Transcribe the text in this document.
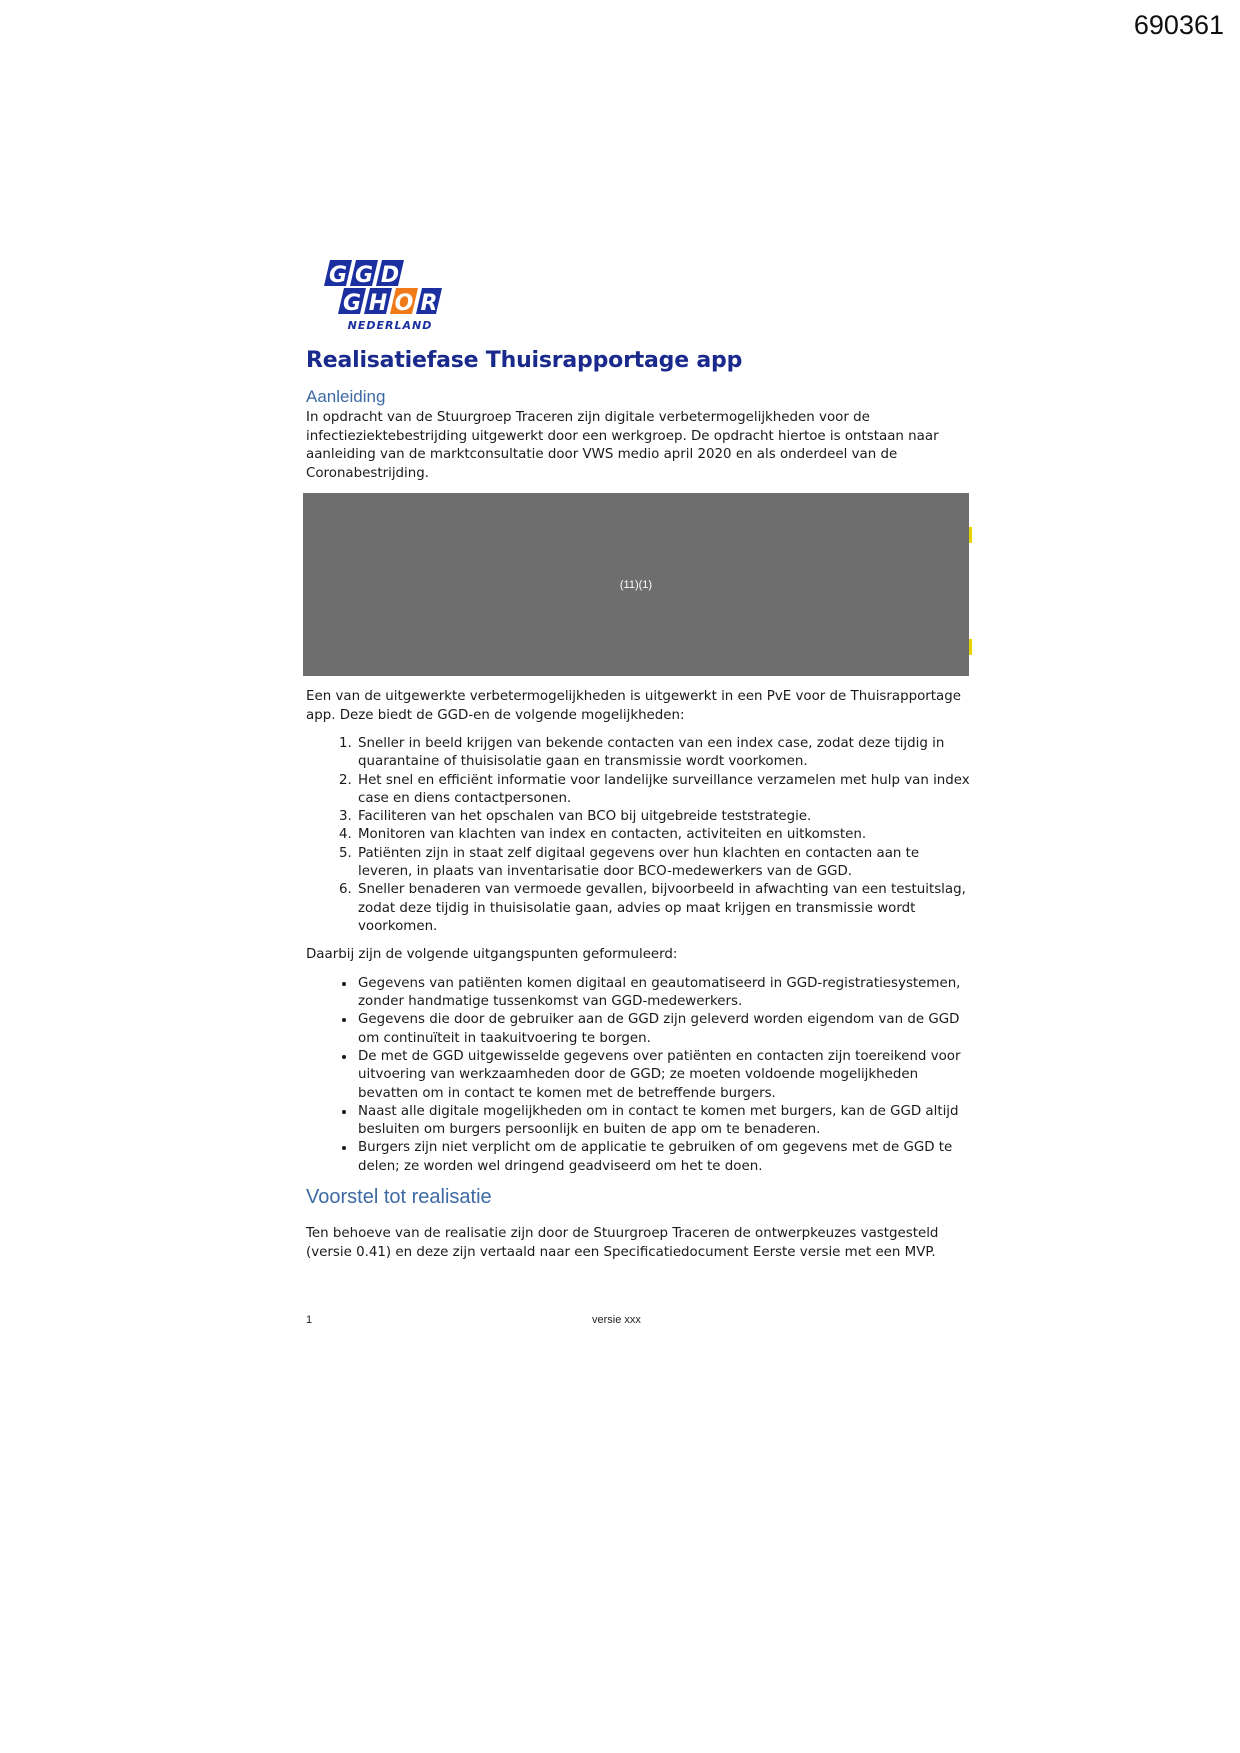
690361
G G D
G H O R
NEDERLAND
Realisatiefase Thuisrapportage app
Aanleiding

In opdracht van de Stuurgroep Traceren zijn digitale verbetermogelijkheden voor de infectieziektebestrijding uitgewerkt door een werkgroep. De opdracht hiertoe is ontstaan naar aanleiding van de marktconsultatie door VWS medio april 2020 en als onderdeel van de Coronabestrijding.

(11)(1)

Een van de uitgewerkte verbetermogelijkheden is uitgewerkt in een PvE voor de Thuisrapportage app. Deze biedt de GGD-en de volgende mogelijkheden:

1. Sneller in beeld krijgen van bekende contacten van een index case, zodat deze tijdig in quarantaine of thuisisolatie gaan en transmissie wordt voorkomen.
2. Het snel en efficiënt informatie voor landelijke surveillance verzamelen met hulp van index case en diens contactpersonen.
3. Faciliteren van het opschalen van BCO bij uitgebreide teststrategie.
4. Monitoren van klachten van index en contacten, activiteiten en uitkomsten.
5. Patiënten zijn in staat zelf digitaal gegevens over hun klachten en contacten aan te leveren, in plaats van inventarisatie door BCO-medewerkers van de GGD.
6. Sneller benaderen van vermoede gevallen, bijvoorbeeld in afwachting van een testuitslag, zodat deze tijdig in thuisisolatie gaan, advies op maat krijgen en transmissie wordt voorkomen.

Daarbij zijn de volgende uitgangspunten geformuleerd:

• Gegevens van patiënten komen digitaal en geautomatiseerd in GGD-registratiesystemen, zonder handmatige tussenkomst van GGD-medewerkers.
• Gegevens die door de gebruiker aan de GGD zijn geleverd worden eigendom van de GGD om continuïteit in taakuitvoering te borgen.
• De met de GGD uitgewisselde gegevens over patiënten en contacten zijn toereikend voor uitvoering van werkzaamheden door de GGD; ze moeten voldoende mogelijkheden bevatten om in contact te komen met de betreffende burgers.
• Naast alle digitale mogelijkheden om in contact te komen met burgers, kan de GGD altijd besluiten om burgers persoonlijk en buiten de app om te benaderen.
• Burgers zijn niet verplicht om de applicatie te gebruiken of om gegevens met de GGD te delen; ze worden wel dringend geadviseerd om het te doen.
Voorstel tot realisatie

Ten behoeve van de realisatie zijn door de Stuurgroep Traceren de ontwerpkeuzes vastgesteld (versie 0.41) en deze zijn vertaald naar een Specificatiedocument Eerste versie met een MVP.

1	versie xxx
